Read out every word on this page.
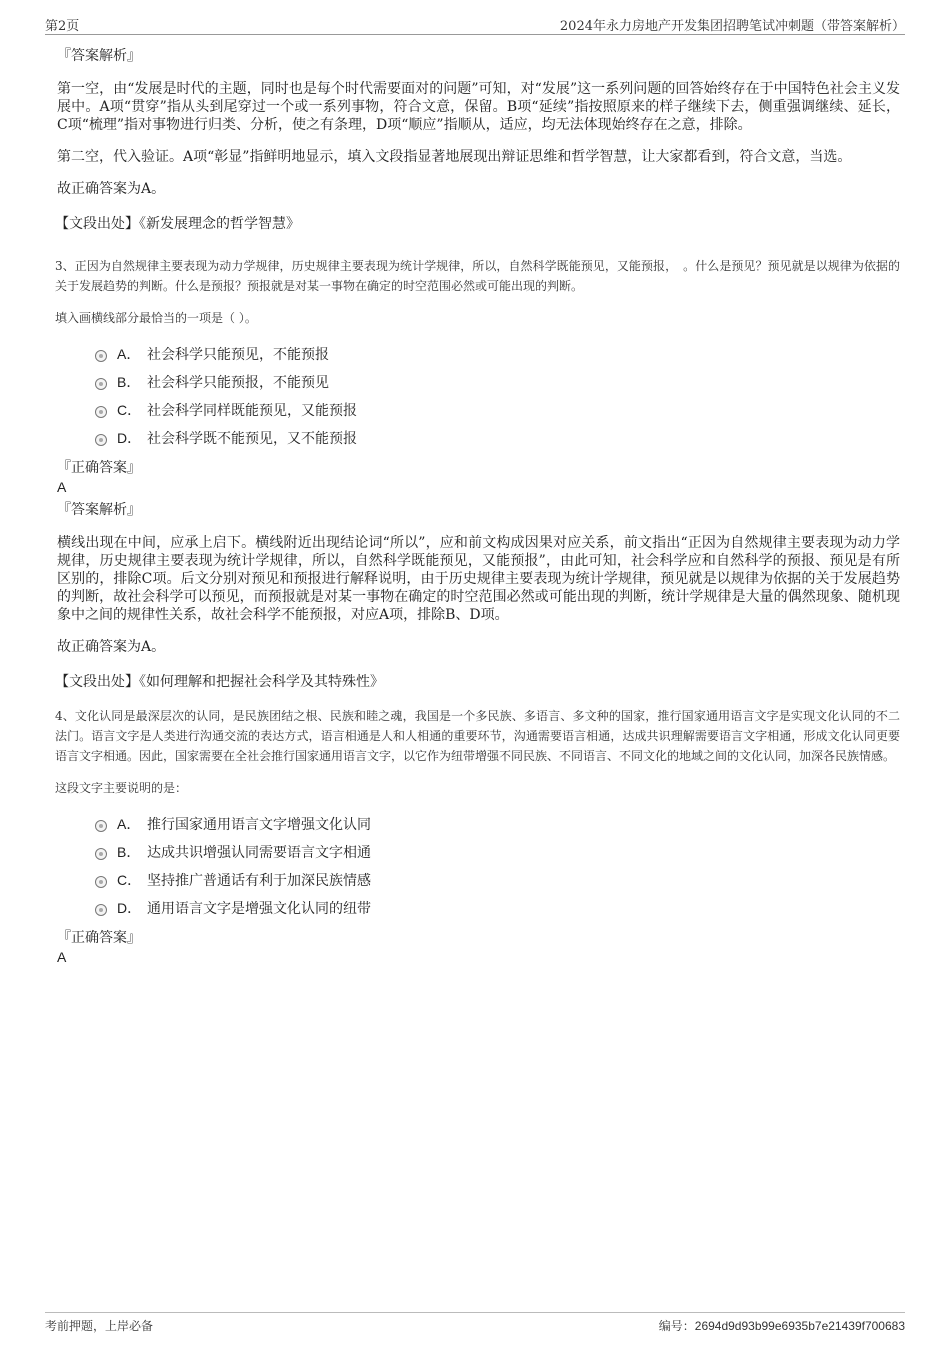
第2页	2024年永力房地产开发集团招聘笔试冲刺题（带答案解析）
『答案解析』
第一空，由“发展是时代的主题，同时也是每个时代需要面对的问题”可知，对“发展”这一系列问题的回答始终存在于中国特色社会主义发展中。A项“贯穿”指从头到尾穿过一个或一系列事物，符合文意，保留。B项“延续”指按照原来的样子继续下去，侧重强调继续、延长，C项“梳理”指对事物进行归类、分析，使之有条理，D项“顺应”指顺从，适应，均无法体现始终存在之意，排除。
第二空，代入验证。A项“彰显”指鲜明地显示，填入文段指显著地展现出辩证思维和哲学智慧，让大家都看到，符合文意，当选。
故正确答案为A。
【文段出处】《新发展理念的哲学智慧》
3、正因为自然规律主要表现为动力学规律，历史规律主要表现为统计学规律，所以，自然科学既能预见，又能预报，　。什么是预见？预见就是以规律为依据的关于发展趋势的判断。什么是预报？预报就是对某一事物在确定的时空范围必然或可能出现的判断。
填入画横线部分最恰当的一项是（ ）。
A． 社会科学只能预见，不能预报
B． 社会科学只能预报，不能预见
C． 社会科学同样既能预见，又能预报
D． 社会科学既不能预见，又不能预报
『正确答案』
A
『答案解析』
横线出现在中间，应承上启下。横线附近出现结论词“所以”，应和前文构成因果对应关系，前文指出“正因为自然规律主要表现为动力学规律，历史规律主要表现为统计学规律，所以，自然科学既能预见，又能预报”，由此可知，社会科学应和自然科学的预报、预见是有所区别的，排除C项。后文分别对预见和预报进行解释说明，由于历史规律主要表现为统计学规律，预见就是以规律为依据的关于发展趋势的判断，故社会科学可以预见，而预报就是对某一事物在确定的时空范围必然或可能出现的判断，统计学规律是大量的偶然现象、随机现象中之间的规律性关系，故社会科学不能预报，对应A项，排除B、D项。
故正确答案为A。
【文段出处】《如何理解和把握社会科学及其特殊性》
4、文化认同是最深层次的认同，是民族团结之根、民族和睦之魂，我国是一个多民族、多语言、多文种的国家，推行国家通用语言文字是实现文化认同的不二法门。语言文字是人类进行沟通交流的表达方式，语言相通是人和人相通的重要环节，沟通需要语言相通，达成共识理解需要语言文字相通，形成文化认同更要语言文字相通。因此，国家需要在全社会推行国家通用语言文字，以它作为纽带增强不同民族、不同语言、不同文化的地域之间的文化认同，加深各民族情感。
这段文字主要说明的是：
A． 推行国家通用语言文字增强文化认同
B． 达成共识增强认同需要语言文字相通
C． 坚持推广普通话有利于加深民族情感
D． 通用语言文字是增强文化认同的纽带
『正确答案』
A
考前押题，上岸必备	编号：2694d9d93b99e6935b7e21439f700683
